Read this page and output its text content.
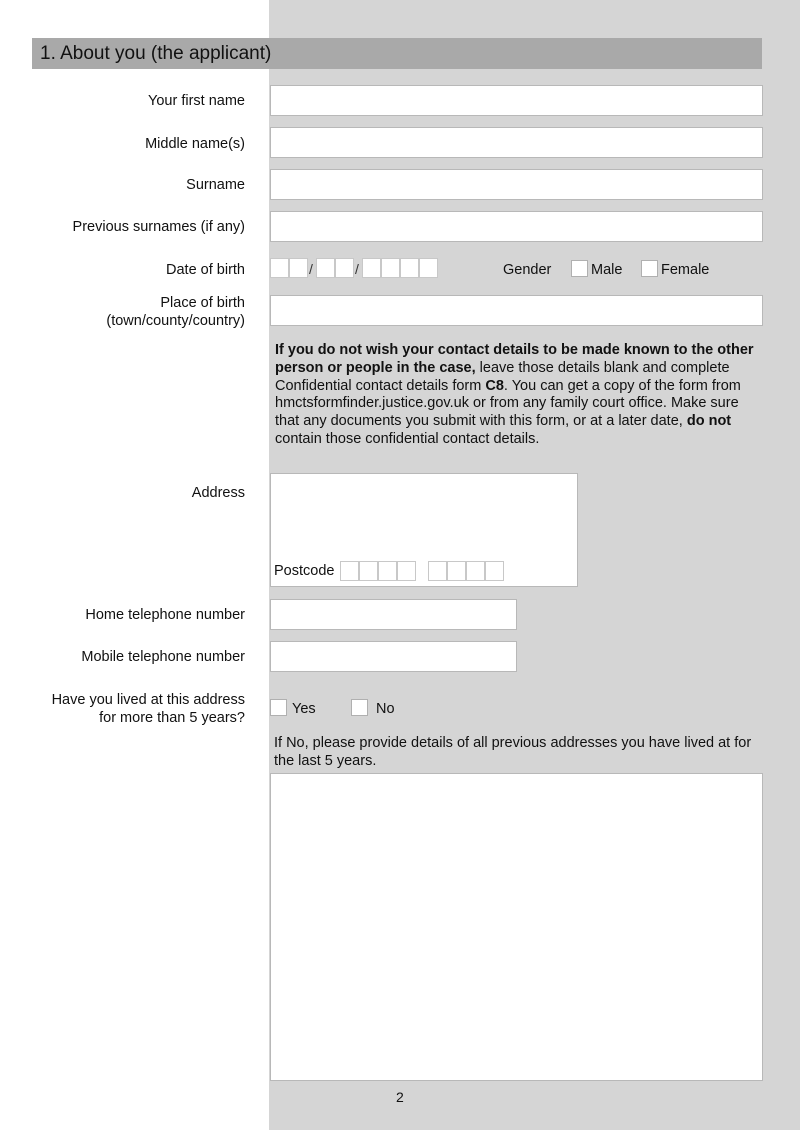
1. About you (the applicant)
Your first name
Middle name(s)
Surname
Previous surnames (if any)
Date of birth	/	/	Gender	Male	Female
Place of birth
(town/county/country)
If you do not wish your contact details to be made known to the other person or people in the case, leave those details blank and complete Confidential contact details form C8. You can get a copy of the form from hmctsformfinder.justice.gov.uk or from any family court office. Make sure that any documents you submit with this form, or at a later date, do not contain those confidential contact details.
Address
Postcode
Home telephone number
Mobile telephone number
Have you lived at this address
for more than 5 years?
Yes	No
If No, please provide details of all previous addresses you have lived at for the last 5 years.
2
